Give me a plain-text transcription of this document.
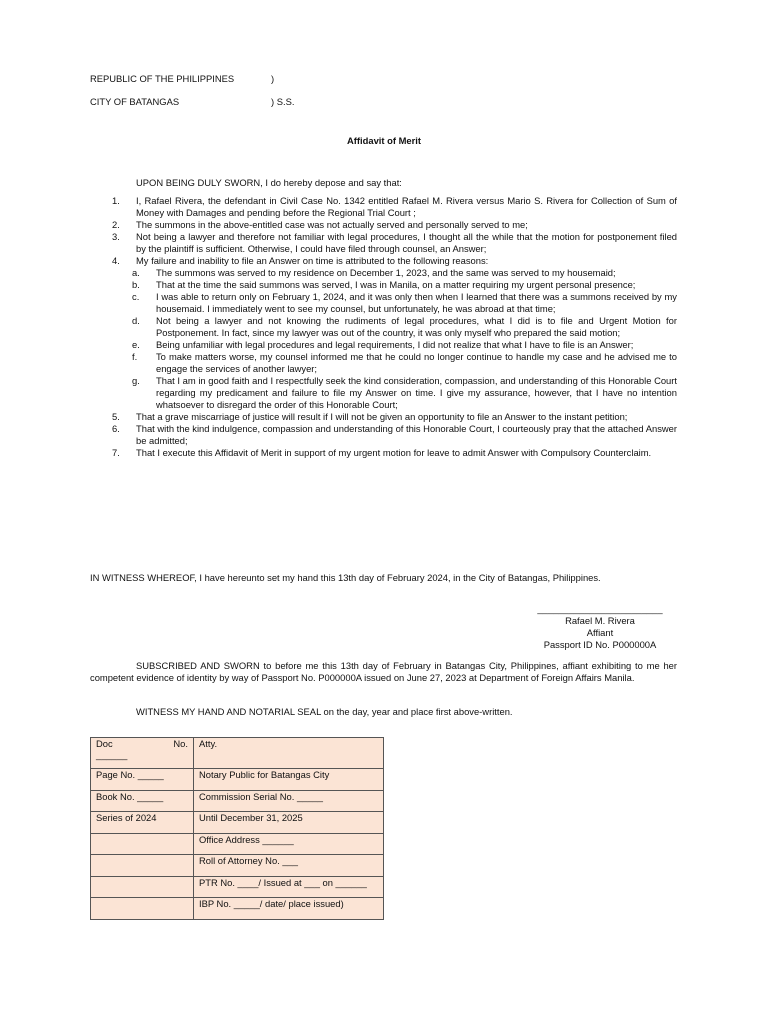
REPUBLIC OF THE PHILIPPINES	)
CITY OF BATANGAS	) S.S.
Affidavit of Merit
UPON BEING DULY SWORN, I do hereby depose and say that:
1. I, Rafael Rivera, the defendant in Civil Case No. 1342 entitled Rafael M. Rivera versus Mario S. Rivera for Collection of Sum of Money with Damages and pending before the Regional Trial Court ;
2. The summons in the above-entitled case was not actually served and personally served to me;
3. Not being a lawyer and therefore not familiar with legal procedures, I thought all the while that the motion for postponement filed by the plaintiff is sufficient. Otherwise, I could have filed through counsel, an Answer;
4. My failure and inability to file an Answer on time is attributed to the following reasons:
a. The summons was served to my residence on December 1, 2023, and the same was served to my housemaid;
b. That at the time the said summons was served, I was in Manila, on a matter requiring my urgent personal presence;
c. I was able to return only on February 1, 2024, and it was only then when I learned that there was a summons received by my housemaid. I immediately went to see my counsel, but unfortunately, he was abroad at that time;
d. Not being a lawyer and not knowing the rudiments of legal procedures, what I did is to file and Urgent Motion for Postponement. In fact, since my lawyer was out of the country, it was only myself who prepared the said motion;
e. Being unfamiliar with legal procedures and legal requirements, I did not realize that what I have to file is an Answer;
f. To make matters worse, my counsel informed me that he could no longer continue to handle my case and he advised me to engage the services of another lawyer;
g. That I am in good faith and I respectfully seek the kind consideration, compassion, and understanding of this Honorable Court regarding my predicament and failure to file my Answer on time. I give my assurance, however, that I have no intention whatsoever to disregard the order of this Honorable Court;
5. That a grave miscarriage of justice will result if I will not be given an opportunity to file an Answer to the instant petition;
6. That with the kind indulgence, compassion and understanding of this Honorable Court, I courteously pray that the attached Answer be admitted;
7. That I execute this Affidavit of Merit in support of my urgent motion for leave to admit Answer with Compulsory Counterclaim.
IN WITNESS WHEREOF, I have hereunto set my hand this 13th day of February 2024, in the City of Batangas, Philippines.
________________________
Rafael M. Rivera
Affiant
Passport ID No. P000000A
SUBSCRIBED AND SWORN to before me this 13th day of February in Batangas City, Philippines, affiant exhibiting to me her competent evidence of identity by way of Passport No. P000000A issued on June 27, 2023 at Department of Foreign Affairs Manila.
WITNESS MY HAND AND NOTARIAL SEAL on the day, year and place first above-written.
Doc No.
______	Atty.
Page No. _____	Notary Public for Batangas City
Book No. _____	Commission Serial No. _____
Series of 2024	Until December 31, 2025
	Office Address ______
	Roll of Attorney No. ___
	PTR No. ____/ Issued at ___ on ______
	IBP No. _____/ date/ place issued)
